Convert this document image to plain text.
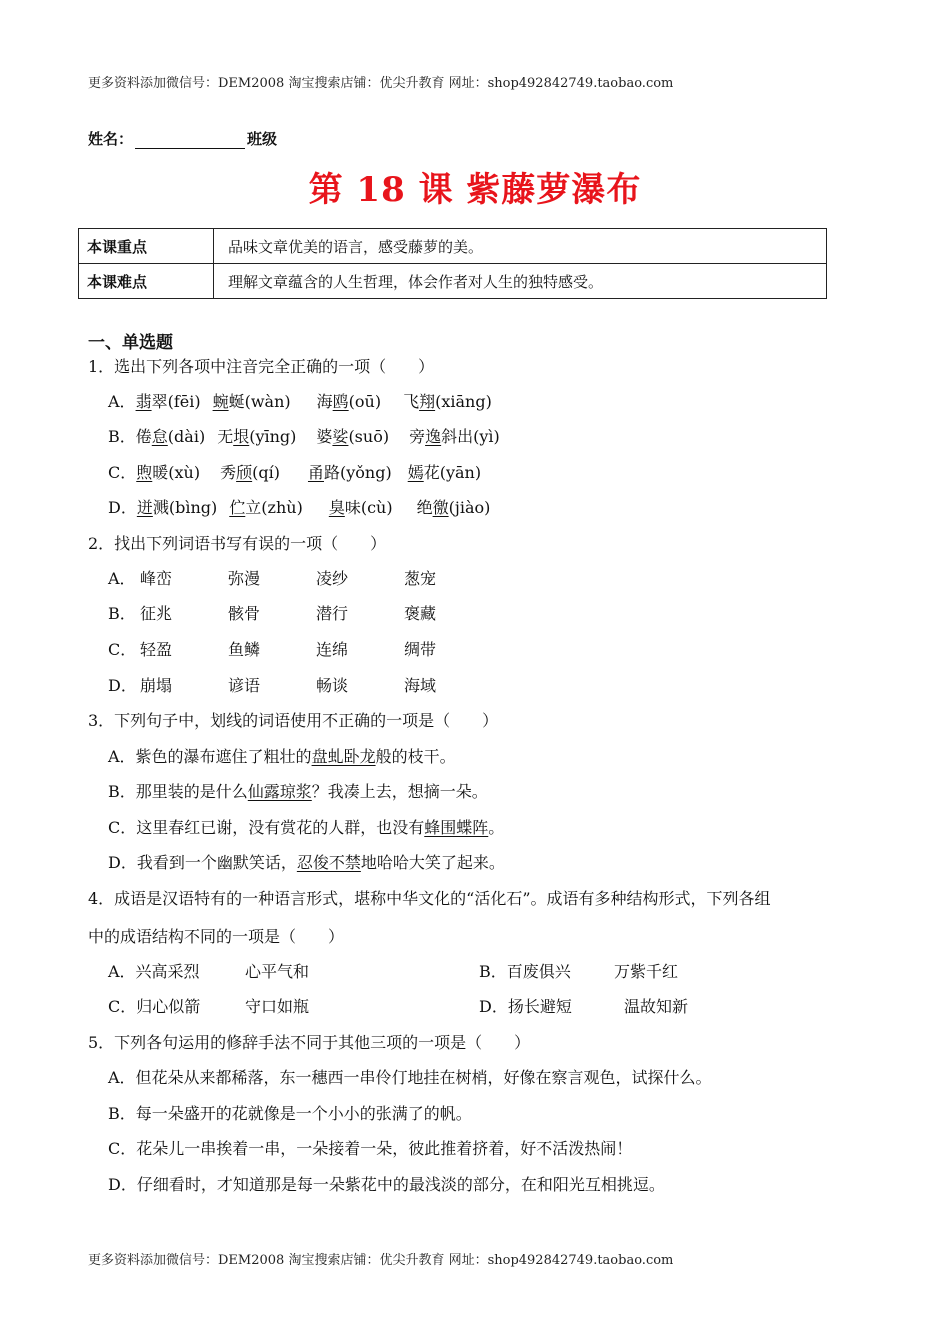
更多资料添加微信号：DEM2008 淘宝搜索店铺：优尖升教育 网址：shop492842749.taobao.com
姓名：	班级
第 18 课 紫藤萝瀑布
本课重点	品味文章优美的语言，感受藤萝的美。
本课难点	理解文章蕴含的人生哲理，体会作者对人生的独特感受。
一、单选题
1．选出下列各项中注音完全正确的一项（　　）
A．翡翠(fēi) 蜿蜒(wàn) 海鸥(oū) 飞翔(xiāng)
B．倦怠(dài) 无垠(yīng) 婆娑(suō) 旁逸斜出(yì)
C．煦暖(xù) 秀颀(qí) 甬路(yǒng) 嫣花(yān)
D．迸溅(bìng) 伫立(zhù) 臭味(cù) 绝徼(jiào)
2．找出下列词语书写有误的一项（　　）
A． 峰峦	弥漫	凌纱	葱宠
B． 征兆	骸骨	潜行	褒藏
C． 轻盈	鱼鳞	连绵	绸带
D． 崩塌	谚语	畅谈	海域
3．下列句子中，划线的词语使用不正确的一项是（　　）
A．紫色的瀑布遮住了粗壮的盘虬卧龙般的枝干。
B．那里装的是什么仙露琼浆？我凑上去，想摘一朵。
C．这里春红已谢，没有赏花的人群，也没有蜂围蝶阵。
D．我看到一个幽默笑话，忍俊不禁地哈哈大笑了起来。
4．成语是汉语特有的一种语言形式，堪称中华文化的“活化石”。成语有多种结构形式，下列各组
中的成语结构不同的一项是（　　）
A．兴高采烈	心平气和	B．百废俱兴	万紫千红
C．归心似箭	守口如瓶	D．扬长避短	温故知新
5．下列各句运用的修辞手法不同于其他三项的一项是（　　）
A．但花朵从来都稀落，东一穗西一串伶仃地挂在树梢，好像在察言观色，试探什么。
B．每一朵盛开的花就像是一个小小的张满了的帆。
C．花朵儿一串挨着一串，一朵接着一朵，彼此推着挤着，好不活泼热闹！
D．仔细看时，才知道那是每一朵紫花中的最浅淡的部分，在和阳光互相挑逗。
更多资料添加微信号：DEM2008 淘宝搜索店铺：优尖升教育 网址：shop492842749.taobao.com
